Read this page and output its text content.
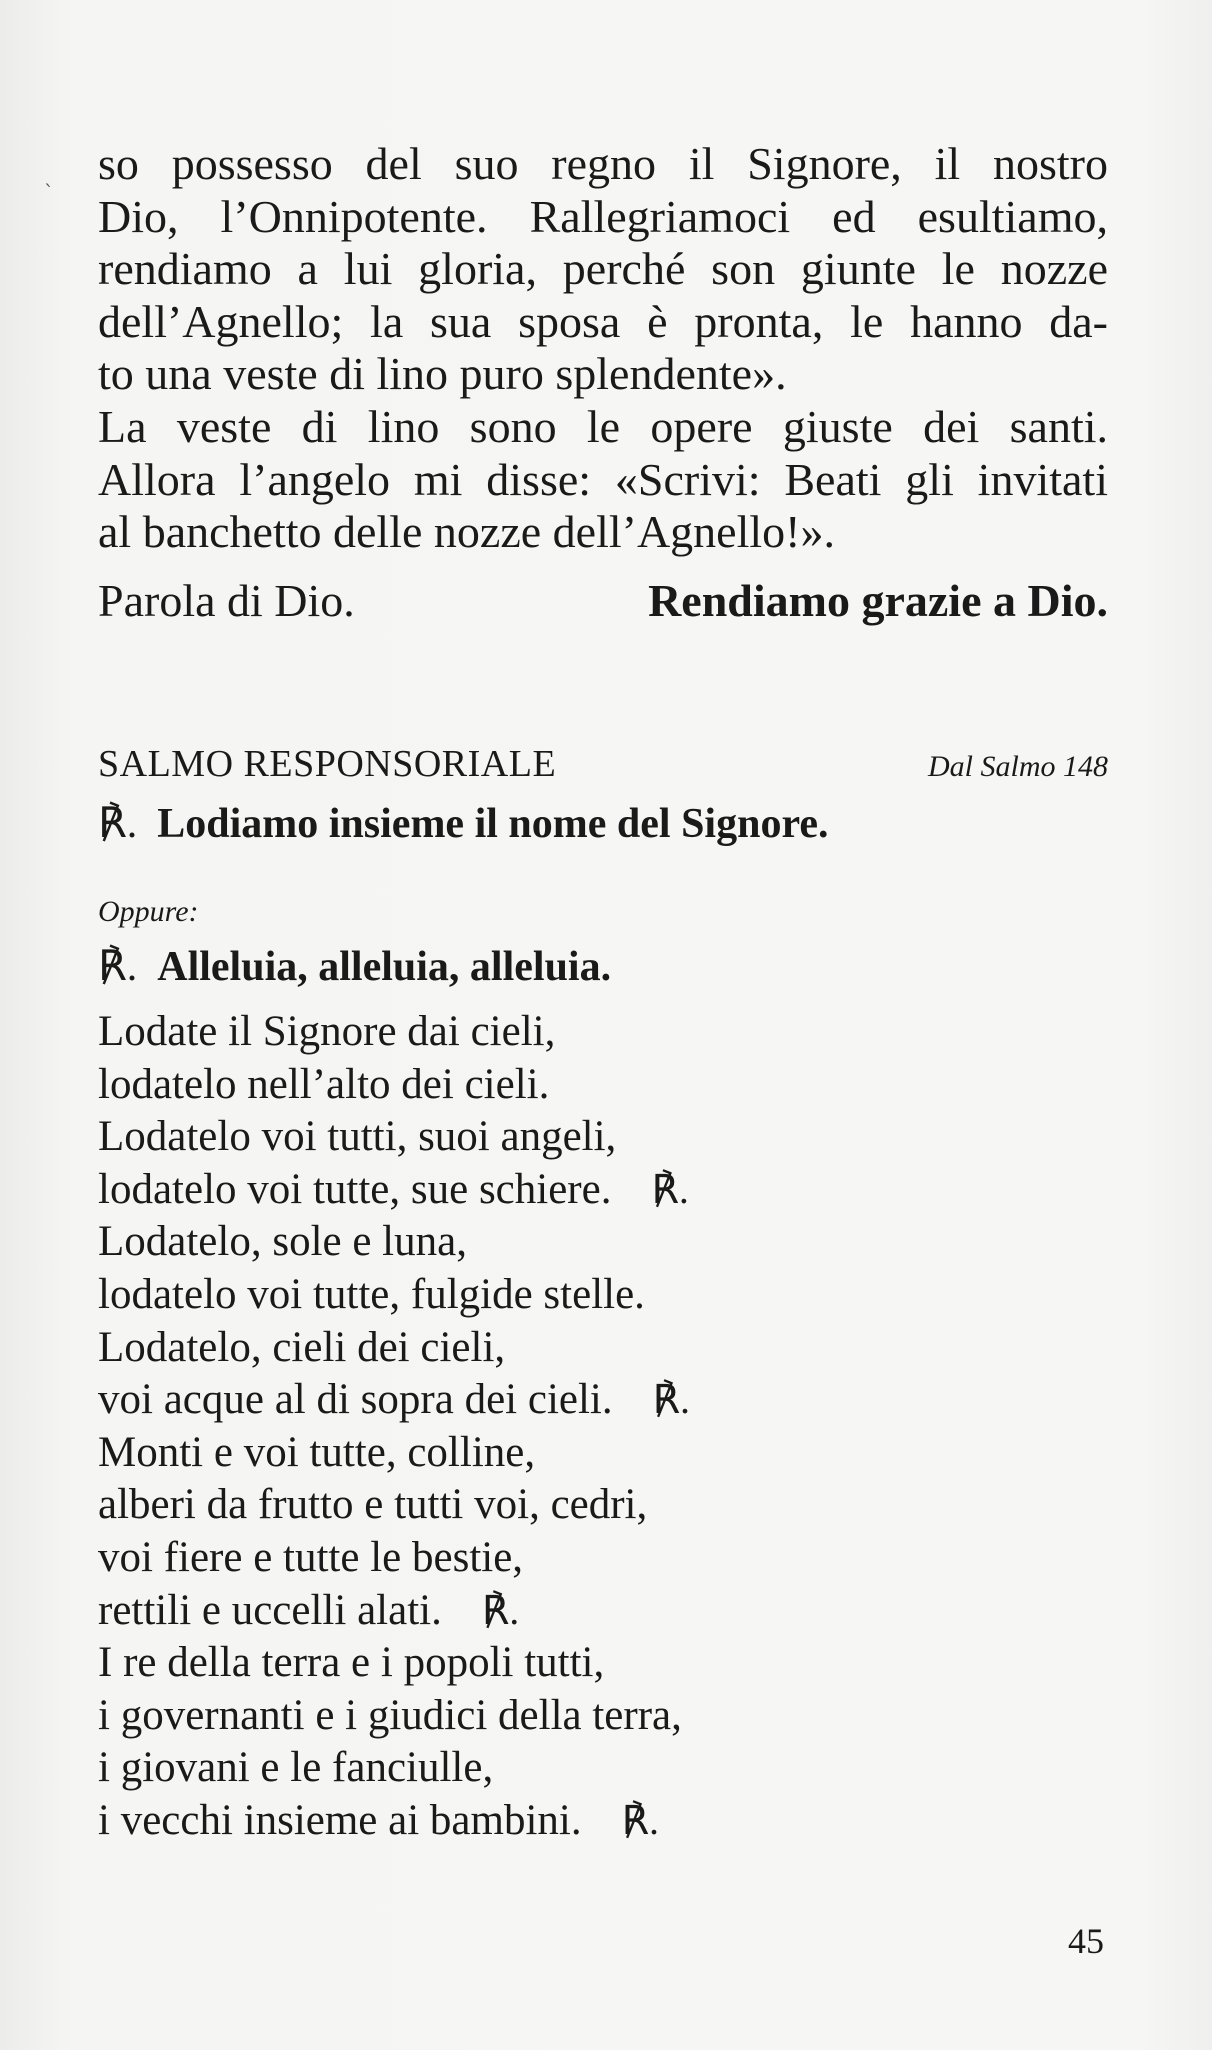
`
so possesso del suo regno il Signore, il nostro
Dio, l’Onnipotente. Rallegriamoci ed esultiamo,
rendiamo a lui gloria, perché son giunte le nozze
dell’Agnello; la sua sposa è pronta, le hanno da-
to una veste di lino puro splendente».
La veste di lino sono le opere giuste dei santi.
Allora l’angelo mi disse: «Scrivi: Beati gli invitati
al banchetto delle nozze dell’Agnello!».
Parola di Dio.	Rendiamo grazie a Dio.
SALMO RESPONSORIALE	Dal Salmo 148
℟. Lodiamo insieme il nome del Signore.
Oppure:
℟. Alleluia, alleluia, alleluia.
Lodate il Signore dai cieli,
lodatelo nell’alto dei cieli.
Lodatelo voi tutti, suoi angeli,
lodatelo voi tutte, sue schiere. ℟.
Lodatelo, sole e luna,
lodatelo voi tutte, fulgide stelle.
Lodatelo, cieli dei cieli,
voi acque al di sopra dei cieli. ℟.
Monti e voi tutte, colline,
alberi da frutto e tutti voi, cedri,
voi fiere e tutte le bestie,
rettili e uccelli alati. ℟.
I re della terra e i popoli tutti,
i governanti e i giudici della terra,
i giovani e le fanciulle,
i vecchi insieme ai bambini. ℟.
45
